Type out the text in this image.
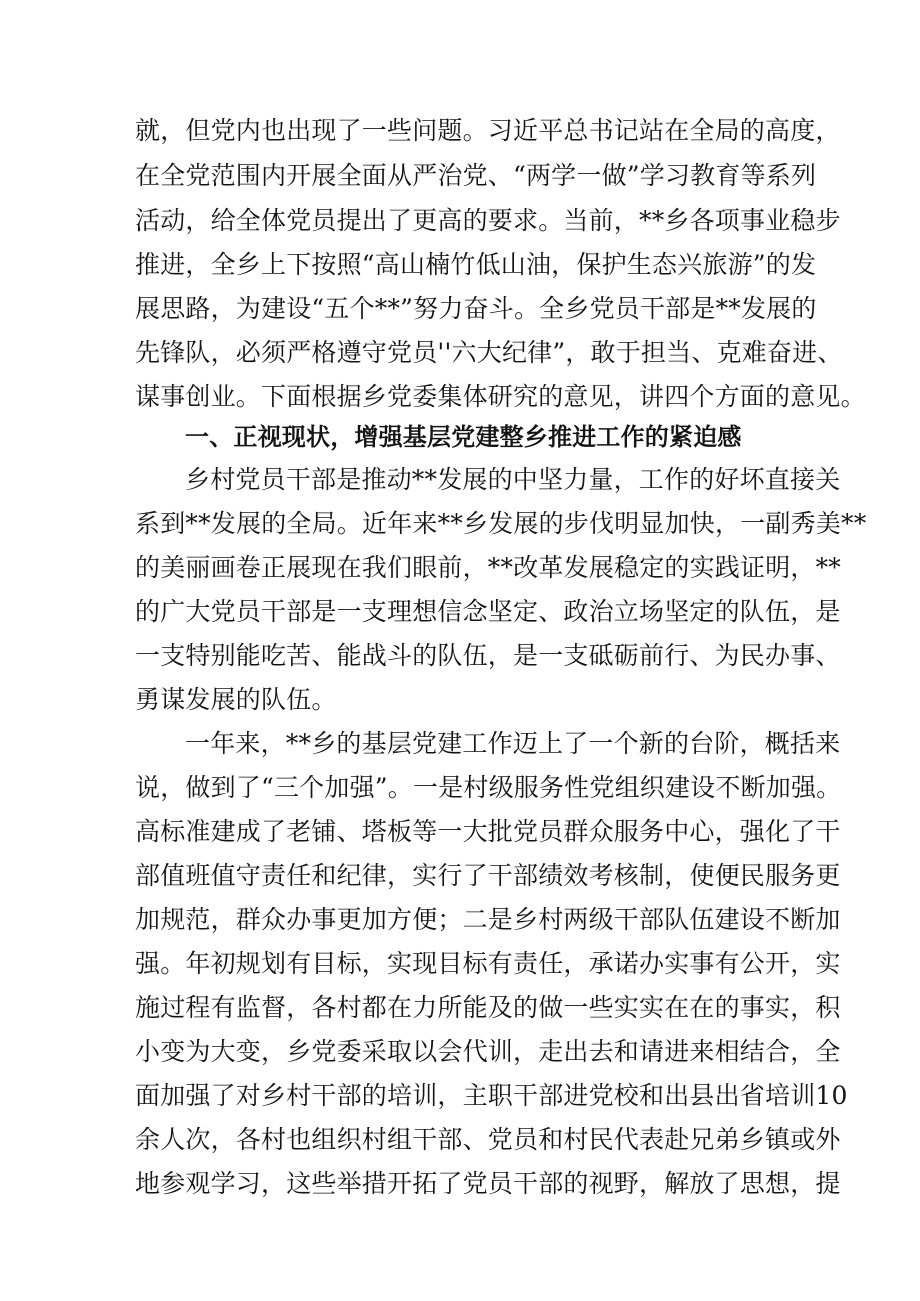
就，但党内也出现了一些问题。习近平总书记站在全局的高度，
在全党范围内开展全面从严治党、“两学一做”学习教育等系列
活动，给全体党员提出了更高的要求。当前，**乡各项事业稳步
推进，全乡上下按照“高山楠竹低山油，保护生态兴旅游”的发
展思路，为建设“五个**”努力奋斗。全乡党员干部是**发展的
先锋队，必须严格遵守党员''六大纪律”，敢于担当、克难奋进、
谋事创业。下面根据乡党委集体研究的意见，讲四个方面的意见。
一、正视现状，增强基层党建整乡推进工作的紧迫感
乡村党员干部是推动**发展的中坚力量，工作的好坏直接关
系到**发展的全局。近年来**乡发展的步伐明显加快，一副秀美**
的美丽画卷正展现在我们眼前，**改革发展稳定的实践证明，**
的广大党员干部是一支理想信念坚定、政治立场坚定的队伍，是
一支特别能吃苦、能战斗的队伍，是一支砥砺前行、为民办事、
勇谋发展的队伍。
一年来，**乡的基层党建工作迈上了一个新的台阶，概括来
说，做到了“三个加强”。一是村级服务性党组织建设不断加强。
高标准建成了老铺、塔板等一大批党员群众服务中心，强化了干
部值班值守责任和纪律，实行了干部绩效考核制，使便民服务更
加规范，群众办事更加方便；二是乡村两级干部队伍建设不断加
强。年初规划有目标，实现目标有责任，承诺办实事有公开，实
施过程有监督，各村都在力所能及的做一些实实在在的事实，积
小变为大变，乡党委采取以会代训，走出去和请进来相结合，全
面加强了对乡村干部的培训，主职干部进党校和出县出省培训10
余人次，各村也组织村组干部、党员和村民代表赴兄弟乡镇或外
地参观学习，这些举措开拓了党员干部的视野，解放了思想，提
